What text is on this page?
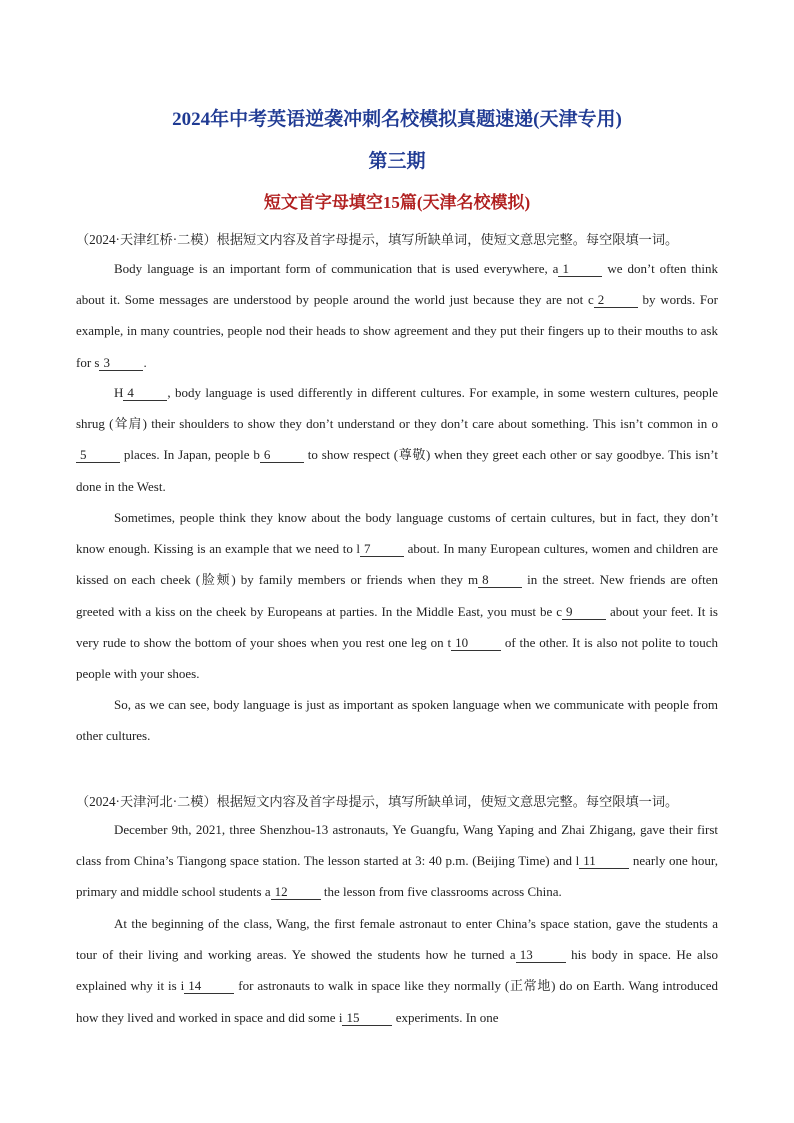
2024年中考英语逆袭冲刺名校模拟真题速递(天津专用)
第三期
短文首字母填空15篇(天津名校模拟)
（2024·天津红桥·二模）根据短文内容及首字母提示，填写所缺单词，使短文意思完整。每空限填一词。
Body language is an important form of communication that is used everywhere, a 1	we don’t often think about it. Some messages are understood by people around the world just because they are not c 2	by words. For example, in many countries, people nod their heads to show agreement and they put their fingers up to their mouths to ask for s 3	.
H 4	, body language is used differently in different cultures. For example, in some western cultures, people shrug (耸肩) their shoulders to show they don’t understand or they don’t care about something. This isn’t common in o5	places. In Japan, people b 6	to show respect (尊敬) when they greet each other or say goodbye. This isn’t done in the West.
Sometimes, people think they know about the body language customs of certain cultures, but in fact, they don’t know enough. Kissing is an example that we need to l 7	about. In many European cultures, women and children are kissed on each cheek (脸颊) by family members or friends when they m 8	in the street. New friends are often greeted with a kiss on the cheek by Europeans at parties. In the Middle East, you must be c 9	about your feet. It is very rude to show the bottom of your shoes when you rest one leg on t 10	of the other. It is also not polite to touch people with your shoes.
So, as we can see, body language is just as important as spoken language when we communicate with people from other cultures.
（2024·天津河北·二模）根据短文内容及首字母提示，填写所缺单词，使短文意思完整。每空限填一词。
December 9th, 2021, three Shenzhou-13 astronauts, Ye Guangfu, Wang Yaping and Zhai Zhigang, gave their first class from China’s Tiangong space station. The lesson started at 3: 40 p.m. (Beijing Time) and l 11	nearly one hour, primary and middle school students a 12	the lesson from five classrooms across China.
At the beginning of the class, Wang, the first female astronaut to enter China’s space station, gave the students a tour of their living and working areas. Ye showed the students how he turned a 13	his body in space. He also explained why it is i 14	for astronauts to walk in space like they normally (正常地) do on Earth. Wang introduced how they lived and worked in space and did some i 15	experiments. In one
